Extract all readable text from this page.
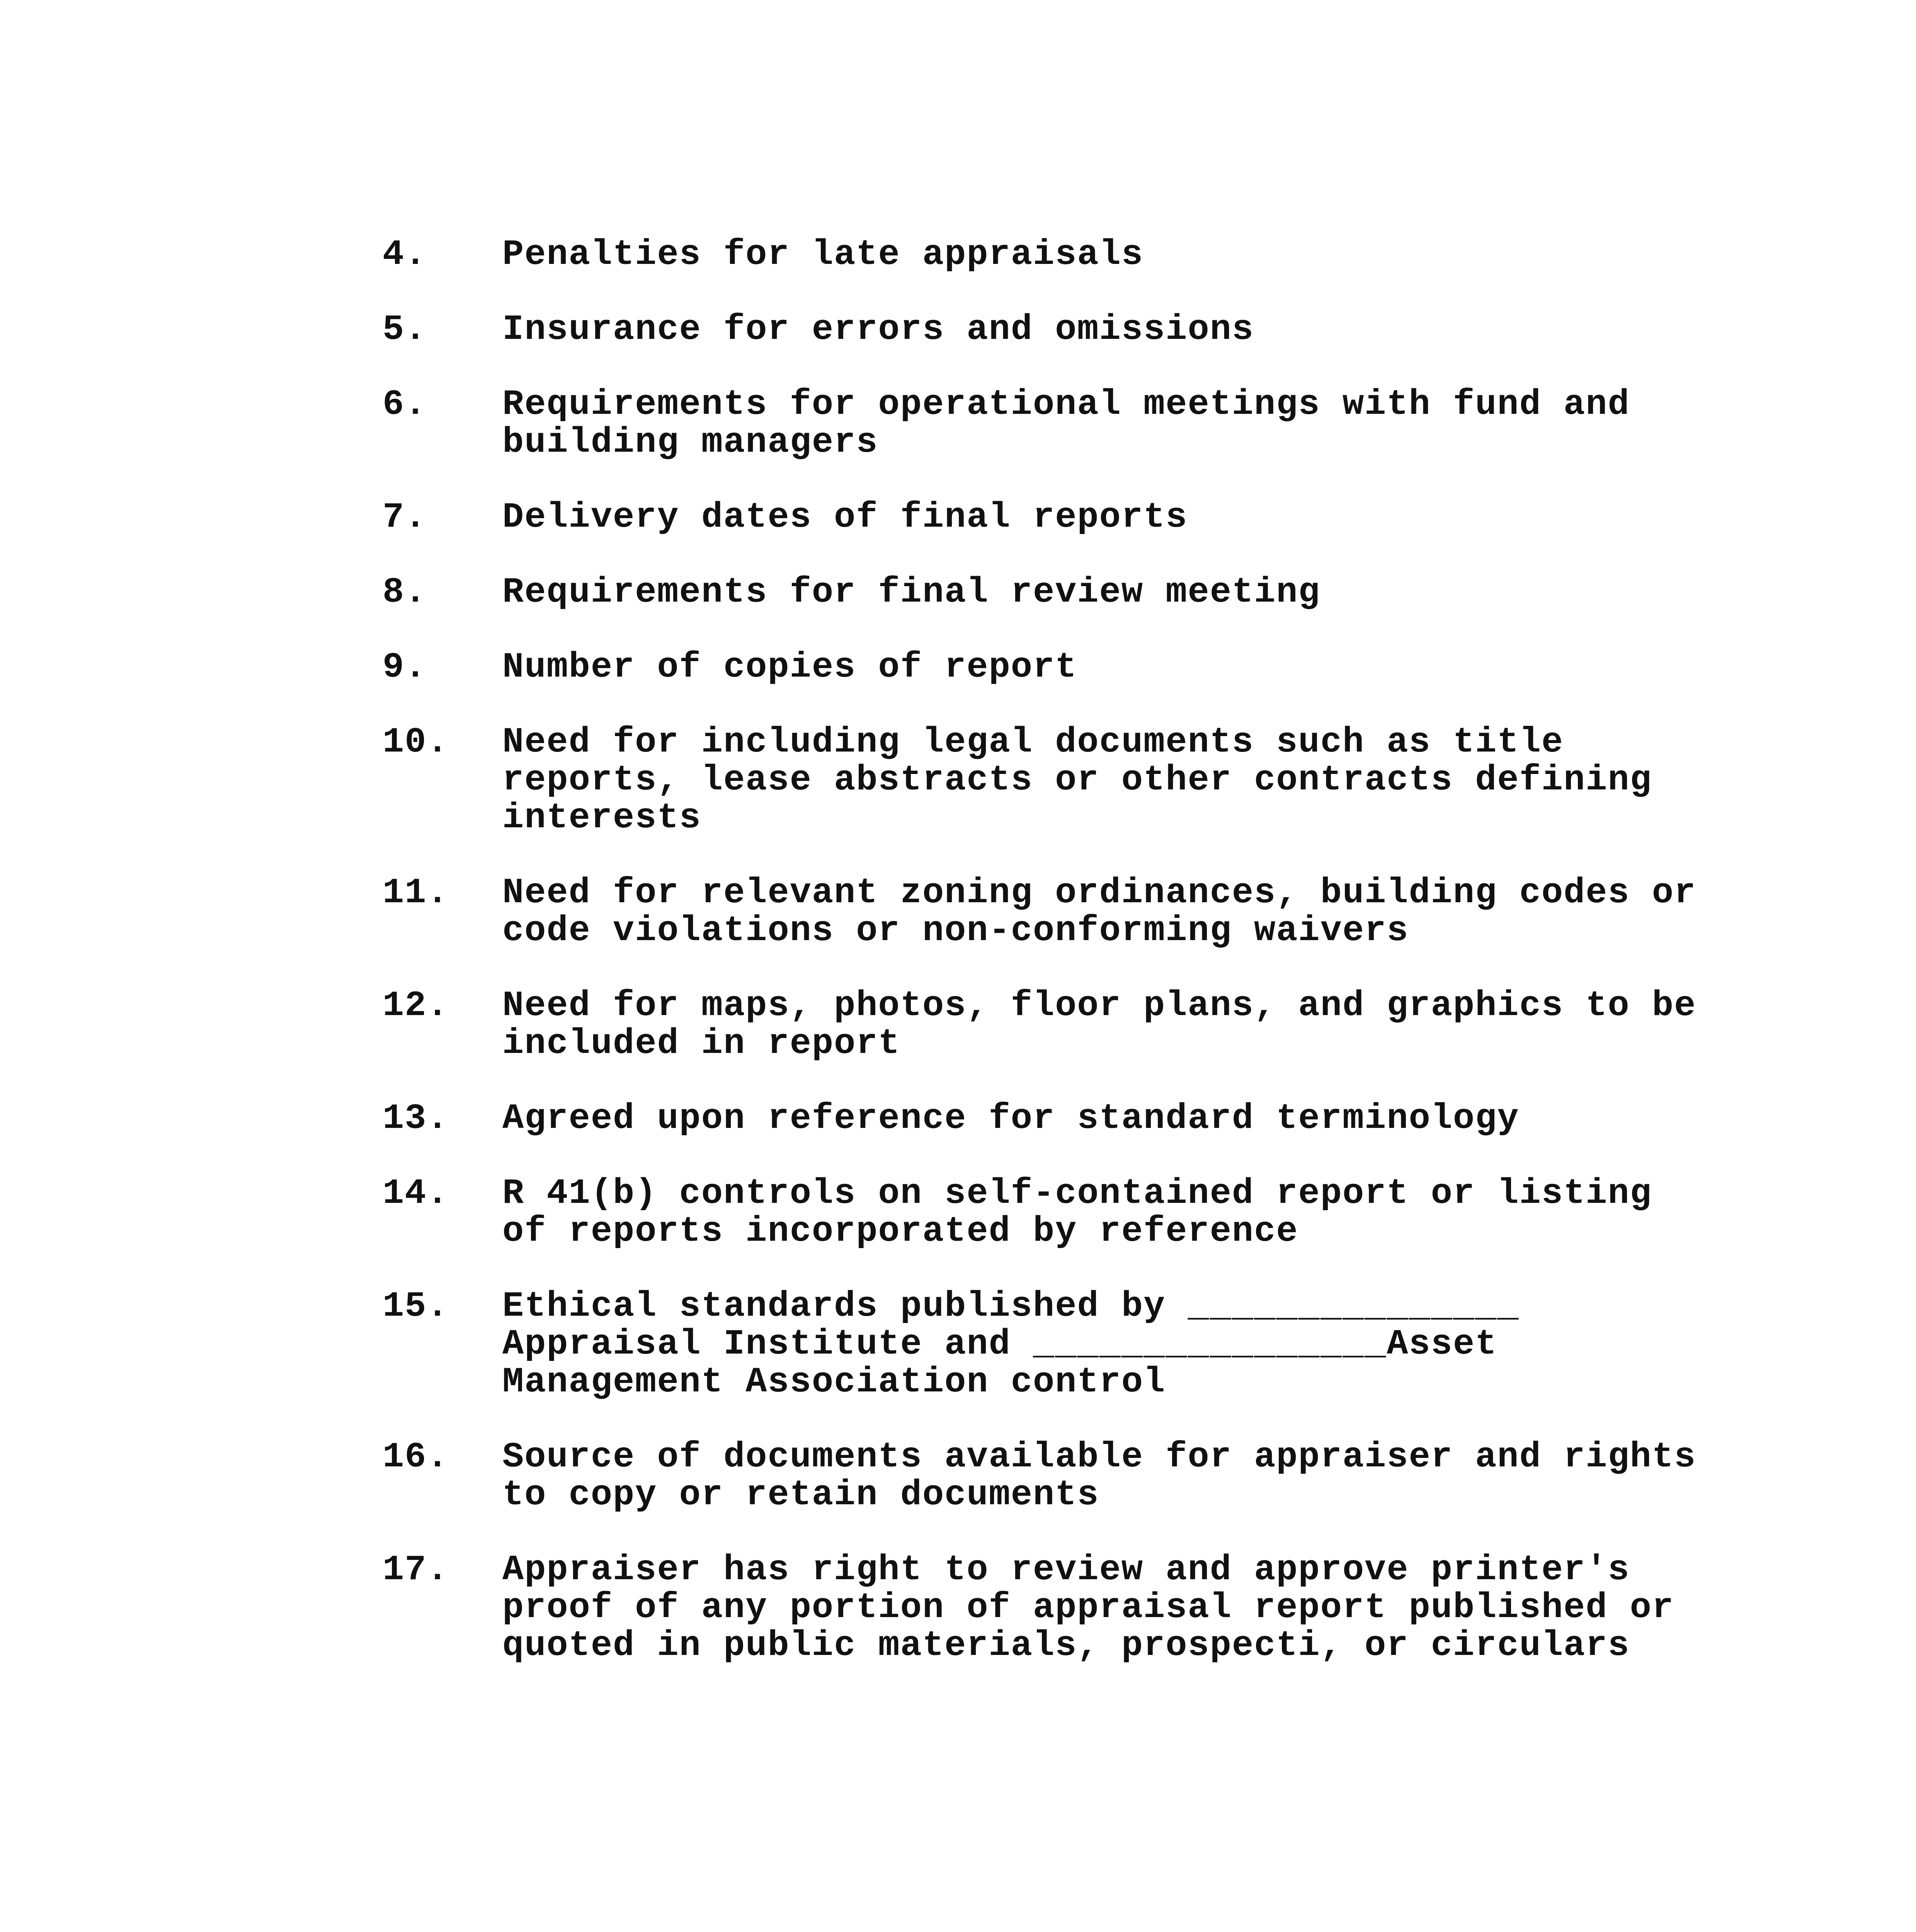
4.	Penalties for late appraisals
5.	Insurance for errors and omissions
6.	Requirements for operational meetings with fund and
building managers
7.	Delivery dates of final reports
8.	Requirements for final review meeting
9.	Number of copies of report
10.	Need for including legal documents such as title
reports, lease abstracts or other contracts defining
interests
11.	Need for relevant zoning ordinances, building codes or
code violations or non-conforming waivers
12.	Need for maps, photos, floor plans, and graphics to be
included in report
13.	Agreed upon reference for standard terminology
14.	R 41(b) controls on self-contained report or listing
of reports incorporated by reference
15.	Ethical standards published by _______________
Appraisal Institute and ________________Asset
Management Association control
16.	Source of documents available for appraiser and rights
to copy or retain documents
17.	Appraiser has right to review and approve printer's
proof of any portion of appraisal report published or
quoted in public materials, prospecti, or circulars
